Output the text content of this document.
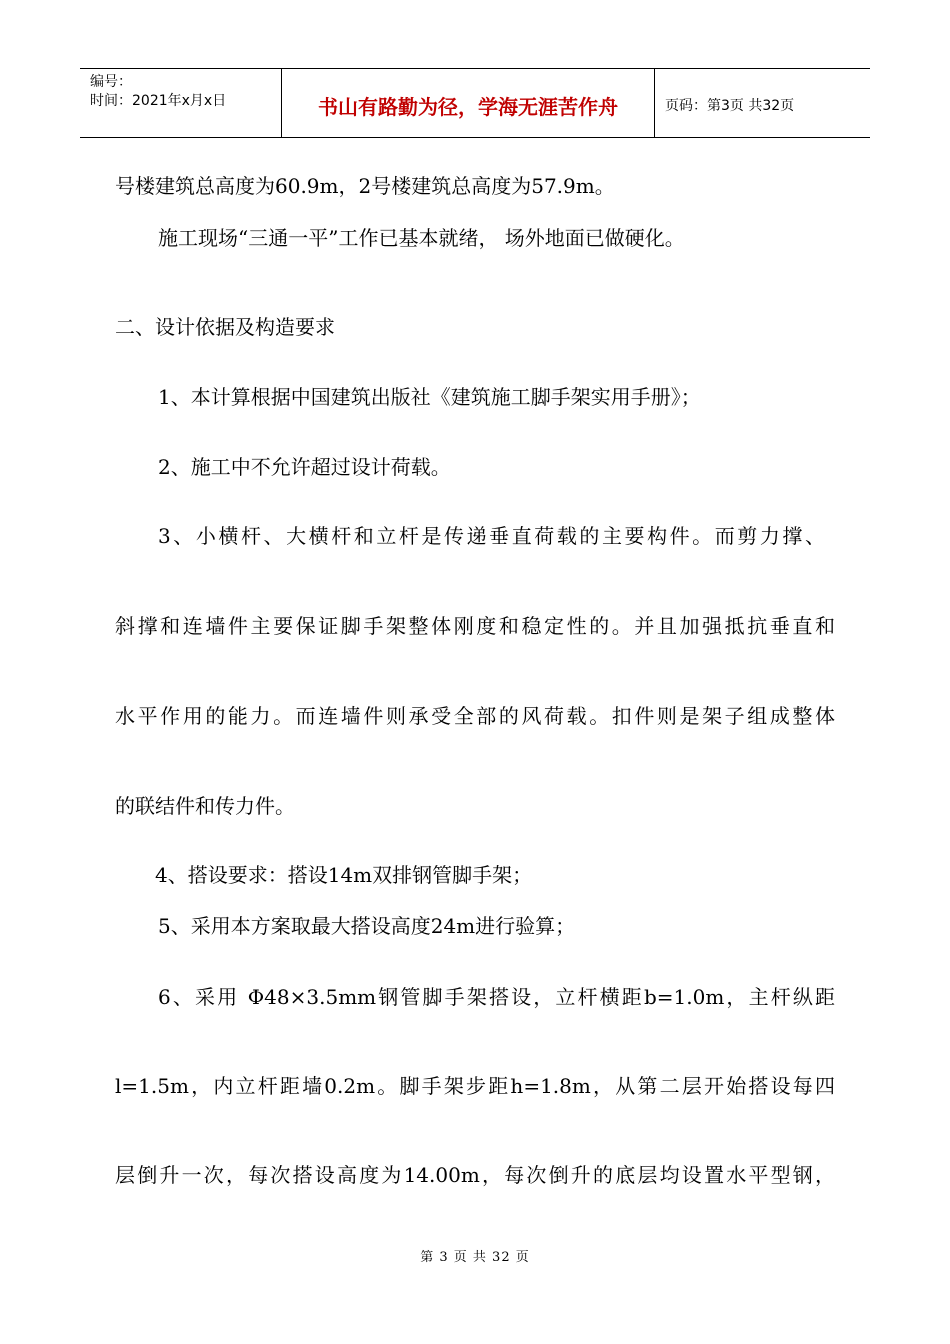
编号：
时间：2021年x月x日	书山有路勤为径，学海无涯苦作舟	页码：第3页 共32页

号楼建筑总高度为60.9m，2号楼建筑总高度为57.9m。

施工现场“三通一平”工作已基本就绪， 场外地面已做硬化。

二、设计依据及构造要求

1、本计算根据中国建筑出版社《建筑施工脚手架实用手册》；

2、施工中不允许超过设计荷载。

3、小横杆、大横杆和立杆是传递垂直荷载的主要构件。而剪力撑、

斜撑和连墙件主要保证脚手架整体刚度和稳定性的。并且加强抵抗垂直和

水平作用的能力。而连墙件则承受全部的风荷载。扣件则是架子组成整体

的联结件和传力件。

4、搭设要求：搭设14m双排钢管脚手架；

5、采用本方案取最大搭设高度24m进行验算；

6、采用 Φ48×3.5mm钢管脚手架搭设，立杆横距b=1.0m，主杆纵距

l=1.5m，内立杆距墙0.2m。脚手架步距h=1.8m，从第二层开始搭设每四

层倒升一次，每次搭设高度为14.00m，每次倒升的底层均设置水平型钢，

第 3 页 共 32 页
